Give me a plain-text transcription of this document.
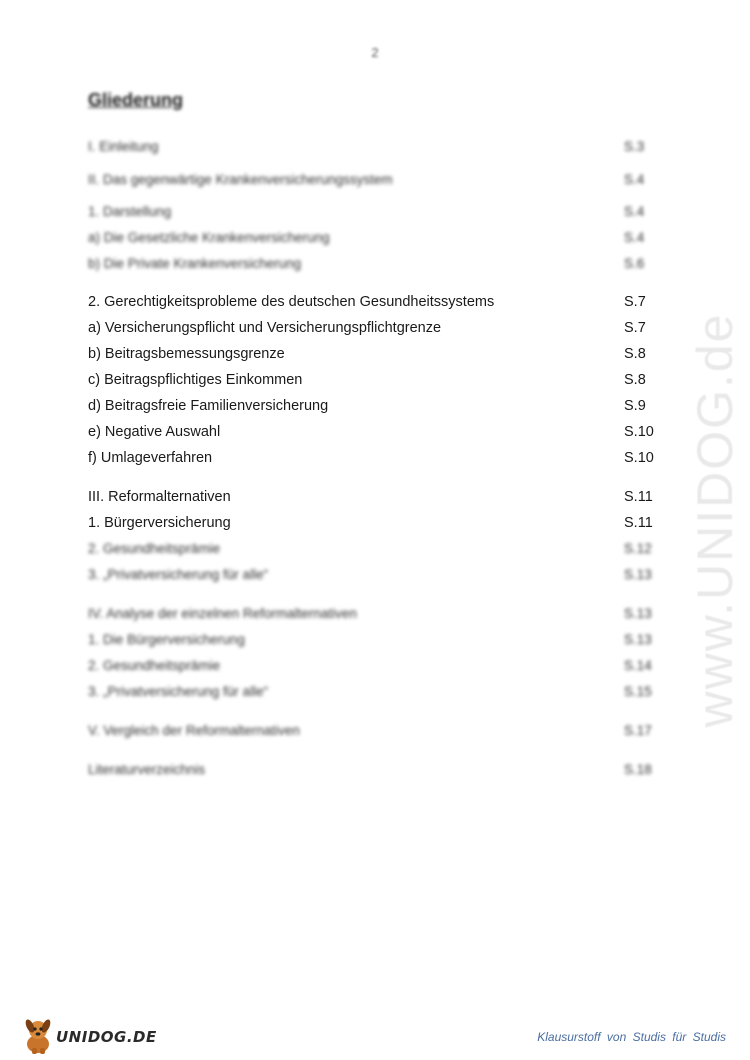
2
Gliederung
I. Einleitung	S.3
II. Das gegenwärtige Krankenversicherungssystem	S.4
1. Darstellung	S.4
a) Die Gesetzliche Krankenversicherung	S.4
b) Die Private Krankenversicherung	S.6
2. Gerechtigkeitsprobleme des deutschen Gesundheitssystems	S.7
a) Versicherungspflicht und Versicherungspflichtgrenze	S.7
b) Beitragsbemessungsgrenze	S.8
c) Beitragspflichtiges Einkommen	S.8
d) Beitragsfreie Familienversicherung	S.9
e) Negative Auswahl	S.10
f) Umlageverfahren	S.10
III. Reformalternativen	S.11
1. Bürgerversicherung	S.11
2. Gesundheitsprämie	S.12
3. „Privatversicherung für alle“	S.13
IV. Analyse der einzelnen Reformalternativen	S.13
1. Die Bürgerversicherung	S.13
2. Gesundheitsprämie	S.14
3. „Privatversicherung für alle“	S.15
V. Vergleich der Reformalternativen	S.17
Literaturverzeichnis	S.18
www.UNIDOG.de
UNIDOG.DE	Klausurstoff von Studis für Studis
